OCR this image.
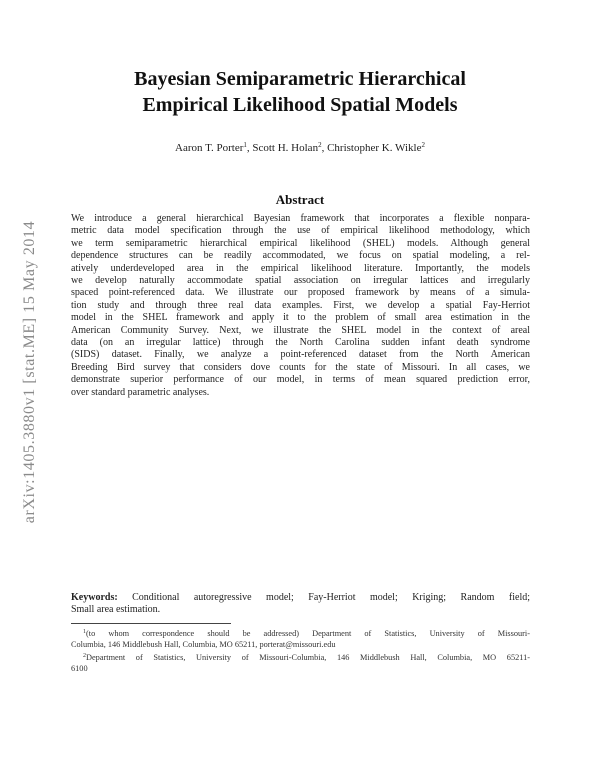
arXiv:1405.3880v1 [stat.ME] 15 May 2014
Bayesian Semiparametric Hierarchical
Empirical Likelihood Spatial Models
Aaron T. Porter$^1$, Scott H. Holan$^2$, Christopher K. Wikle$^2$
Abstract
We introduce a general hierarchical Bayesian framework that incorporates a flexible nonpara-
metric data model specification through the use of empirical likelihood methodology, which
we term semiparametric hierarchical empirical likelihood (SHEL) models. Although general
dependence structures can be readily accommodated, we focus on spatial modeling, a rel-
atively underdeveloped area in the empirical likelihood literature. Importantly, the models
we develop naturally accommodate spatial association on irregular lattices and irregularly
spaced point-referenced data. We illustrate our proposed framework by means of a simula-
tion study and through three real data examples. First, we develop a spatial Fay-Herriot
model in the SHEL framework and apply it to the problem of small area estimation in the
American Community Survey. Next, we illustrate the SHEL model in the context of areal
data (on an irregular lattice) through the North Carolina sudden infant death syndrome
(SIDS) dataset. Finally, we analyze a point-referenced dataset from the North American
Breeding Bird survey that considers dove counts for the state of Missouri. In all cases, we
demonstrate superior performance of our model, in terms of mean squared prediction error,
over standard parametric analyses.
Keywords: Conditional autoregressive model; Fay-Herriot model; Kriging; Random field;
Small area estimation.
$^1$(to whom correspondence should be addressed) Department of Statistics, University of Missouri-
Columbia, 146 Middlebush Hall, Columbia, MO 65211, porterat@missouri.edu
$^2$Department of Statistics, University of Missouri-Columbia, 146 Middlebush Hall, Columbia, MO 65211-
6100
